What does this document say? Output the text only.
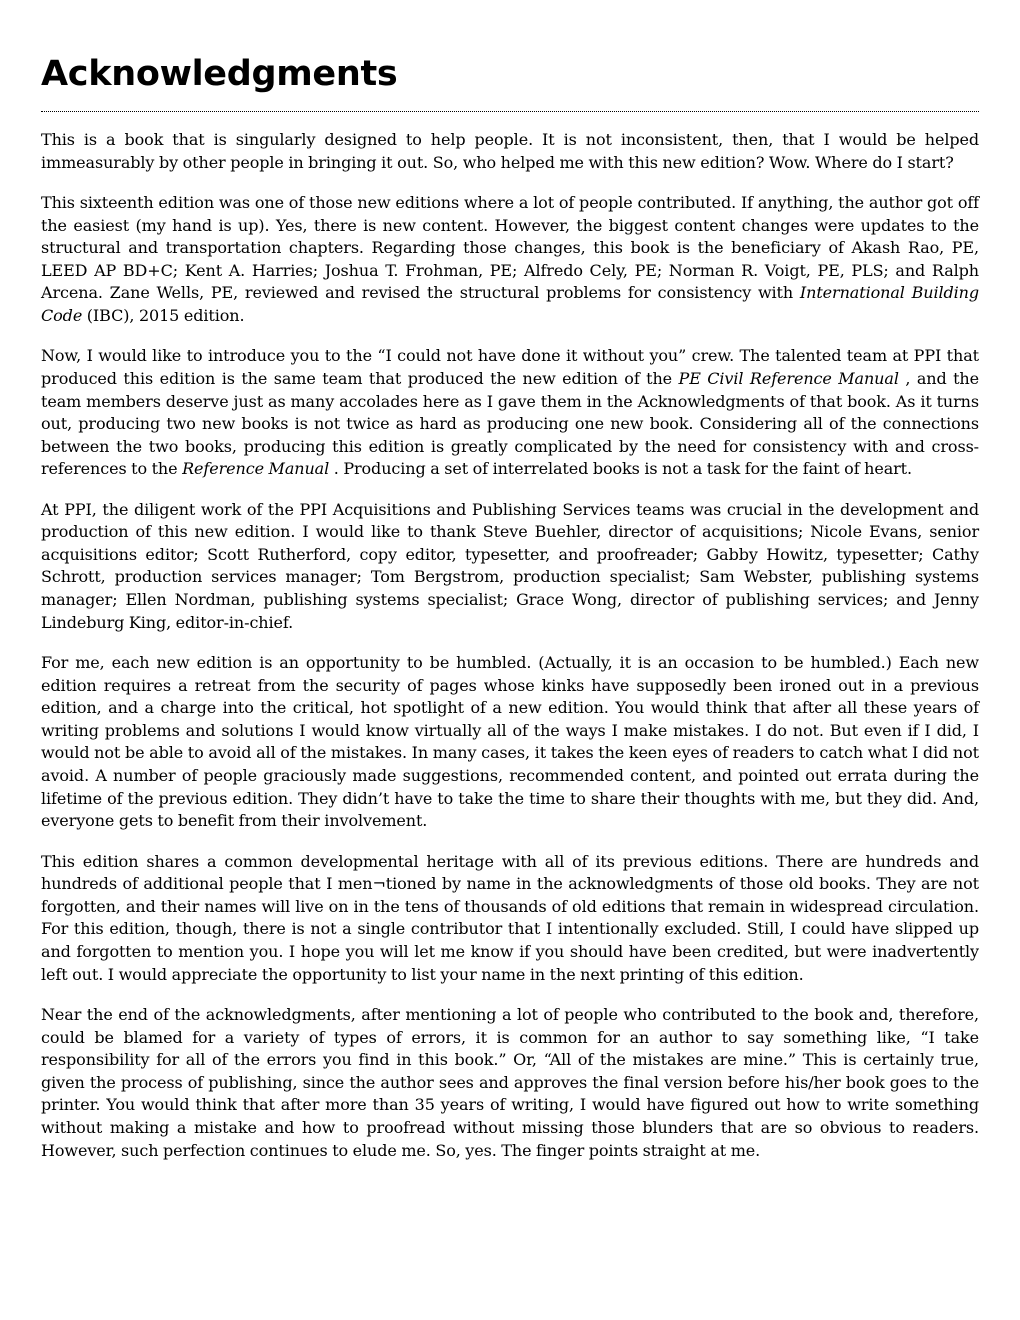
Acknowledgments

This is a book that is singularly designed to help people. It is not inconsistent, then, that I would be helped immeasurably by other people in bringing it out. So, who helped me with this new edition? Wow. Where do I start?

This sixteenth edition was one of those new editions where a lot of people contributed. If anything, the author got off the easiest (my hand is up). Yes, there is new content. However, the biggest content changes were updates to the structural and transportation chapters. Regarding those changes, this book is the beneficiary of Akash Rao, PE, LEED AP BD+C; Kent A. Harries; Joshua T. Frohman, PE; Alfredo Cely, PE; Norman R. Voigt, PE, PLS; and Ralph Arcena. Zane Wells, PE, reviewed and revised the structural problems for consistency with International Building Code (IBC), 2015 edition.

Now, I would like to introduce you to the “I could not have done it without you” crew. The talented team at PPI that produced this edition is the same team that produced the new edition of the PE Civil Reference Manual , and the team members deserve just as many accolades here as I gave them in the Acknowledgments of that book. As it turns out, producing two new books is not twice as hard as producing one new book. Considering all of the connections between the two books, producing this edition is greatly complicated by the need for consistency with and cross-references to the Reference Manual . Producing a set of interrelated books is not a task for the faint of heart.

At PPI, the diligent work of the PPI Acquisitions and Publishing Services teams was crucial in the development and production of this new edition. I would like to thank Steve Buehler, director of acquisitions; Nicole Evans, senior acquisitions editor; Scott Rutherford, copy editor, typesetter, and proofreader; Gabby Howitz, typesetter; Cathy Schrott, production services manager; Tom Bergstrom, production specialist; Sam Webster, publishing systems manager; Ellen Nordman, publishing systems specialist; Grace Wong, director of publishing services; and Jenny Lindeburg King, editor-in-chief.

For me, each new edition is an opportunity to be humbled. (Actually, it is an occasion to be humbled.) Each new edition requires a retreat from the security of pages whose kinks have supposedly been ironed out in a previous edition, and a charge into the critical, hot spotlight of a new edition. You would think that after all these years of writing problems and solutions I would know virtually all of the ways I make mistakes. I do not. But even if I did, I would not be able to avoid all of the mistakes. In many cases, it takes the keen eyes of readers to catch what I did not avoid. A number of people graciously made suggestions, recommended content, and pointed out errata during the lifetime of the previous edition. They didn’t have to take the time to share their thoughts with me, but they did. And, everyone gets to benefit from their involvement.

This edition shares a common developmental heritage with all of its previous editions. There are hundreds and hundreds of additional people that I men¬tioned by name in the acknowledgments of those old books. They are not forgotten, and their names will live on in the tens of thousands of old editions that remain in widespread circulation. For this edition, though, there is not a single contributor that I intentionally excluded. Still, I could have slipped up and forgotten to mention you. I hope you will let me know if you should have been credited, but were inadvertently left out. I would appreciate the opportunity to list your name in the next printing of this edition.

Near the end of the acknowledgments, after mentioning a lot of people who contributed to the book and, therefore, could be blamed for a variety of types of errors, it is common for an author to say something like, “I take responsibility for all of the errors you find in this book.” Or, “All of the mistakes are mine.” This is certainly true, given the process of publishing, since the author sees and approves the final version before his/her book goes to the printer. You would think that after more than 35 years of writing, I would have figured out how to write something without making a mistake and how to proofread without missing those blunders that are so obvious to readers. However, such perfection continues to elude me. So, yes. The finger points straight at me.
